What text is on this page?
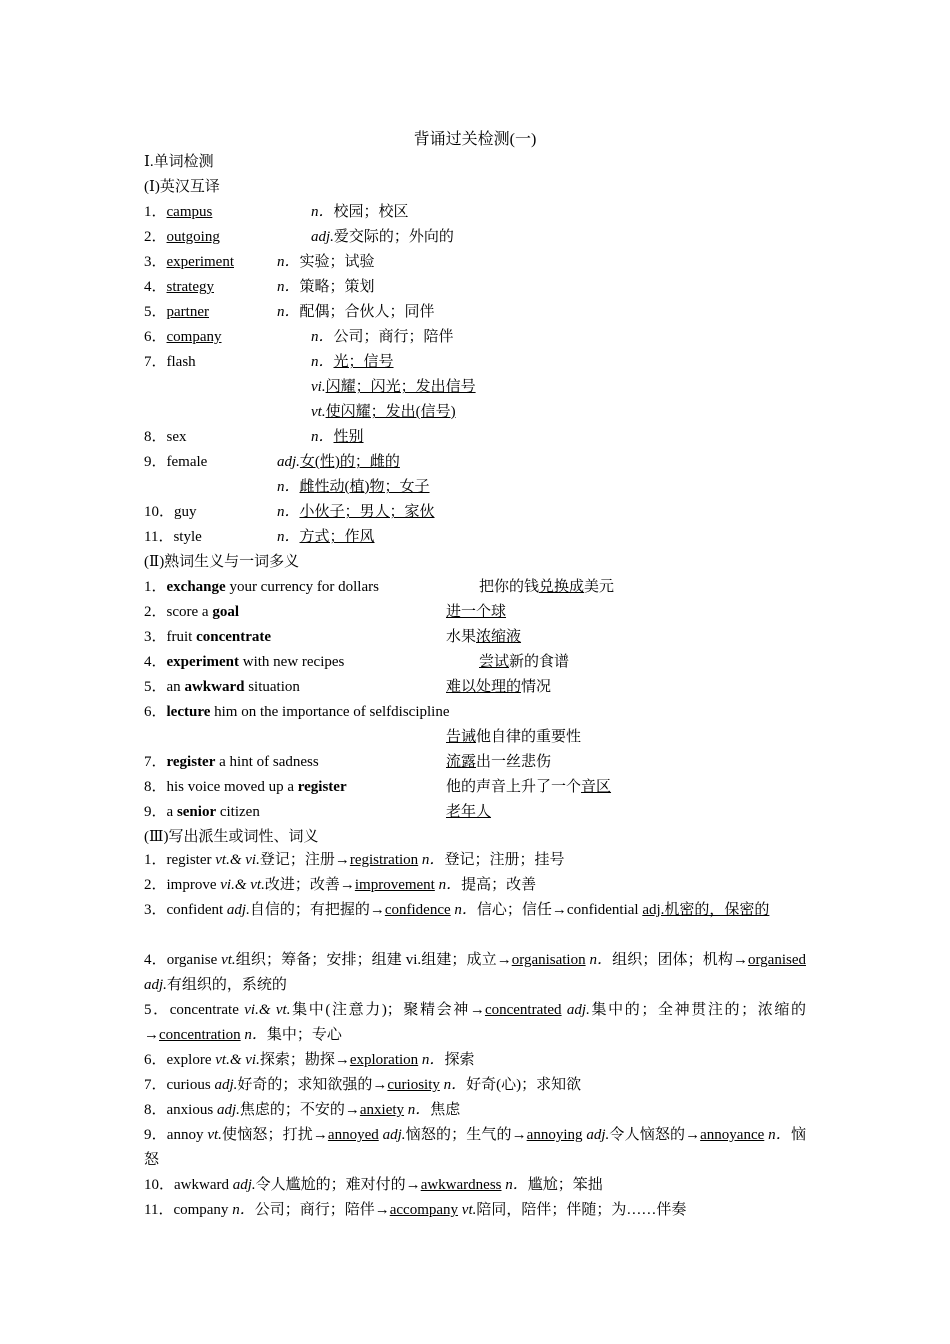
背诵过关检测(一)
Ⅰ.单词检测
(Ⅰ)英汉互译
1．campus	n．校园；校区
2．outgoing	adj.爱交际的；外向的
3．experiment	n．实验；试验
4．strategy	n．策略；策划
5．partner	n．配偶；合伙人；同伴
6．company	n．公司；商行；陪伴
7．flash	n．光；信号
vi.闪耀；闪光；发出信号
vt.使闪耀；发出(信号)
8．sex	n．性别
9．female	adj.女(性)的；雌的
n．雌性动(植)物；女子
10．guy	n．小伙子；男人；家伙
11．style	n．方式；作风
(Ⅱ)熟词生义与一词多义
1．exchange your currency for dollars	把你的钱兑换成美元
2．score a goal	进一个球
3．fruit concentrate	水果浓缩液
4．experiment with new recipes	尝试新的食谱
5．an awkward situation	难以处理的情况
6．lecture him on the importance of selfdiscipline
告诫他自律的重要性
7．register a hint of sadness	流露出一丝悲伤
8．his voice moved up a register	他的声音上升了一个音区
9．a senior citizen	老年人
(Ⅲ)写出派生或词性、词义
1．register vt.& vi.登记；注册→registration n．登记；注册；挂号
2．improve vi.& vt.改进；改善→improvement n．提高；改善
3．confident adj.自信的；有把握的→confidence n．信心；信任→confidential adj.机密的，保密的
4．organise vt.组织；筹备；安排；组建 vi.组建；成立→organisation n．组织；团体；机构→organised adj.有组织的，系统的
5．concentrate vi.& vt.集中(注意力)；聚精会神→concentrated adj.集中的；全神贯注的；浓缩的→concentration n．集中；专心
6．explore vt.& vi.探索；勘探→exploration n．探索
7．curious adj.好奇的；求知欲强的→curiosity n．好奇(心)；求知欲
8．anxious adj.焦虑的；不安的→anxiety n．焦虑
9．annoy vt.使恼怒；打扰→annoyed adj.恼怒的；生气的→annoying adj.令人恼怒的→annoyance n．恼怒
10．awkward adj.令人尴尬的；难对付的→awkwardness n．尴尬；笨拙
11．company n．公司；商行；陪伴→accompany vt.陪同，陪伴；伴随；为……伴奏
